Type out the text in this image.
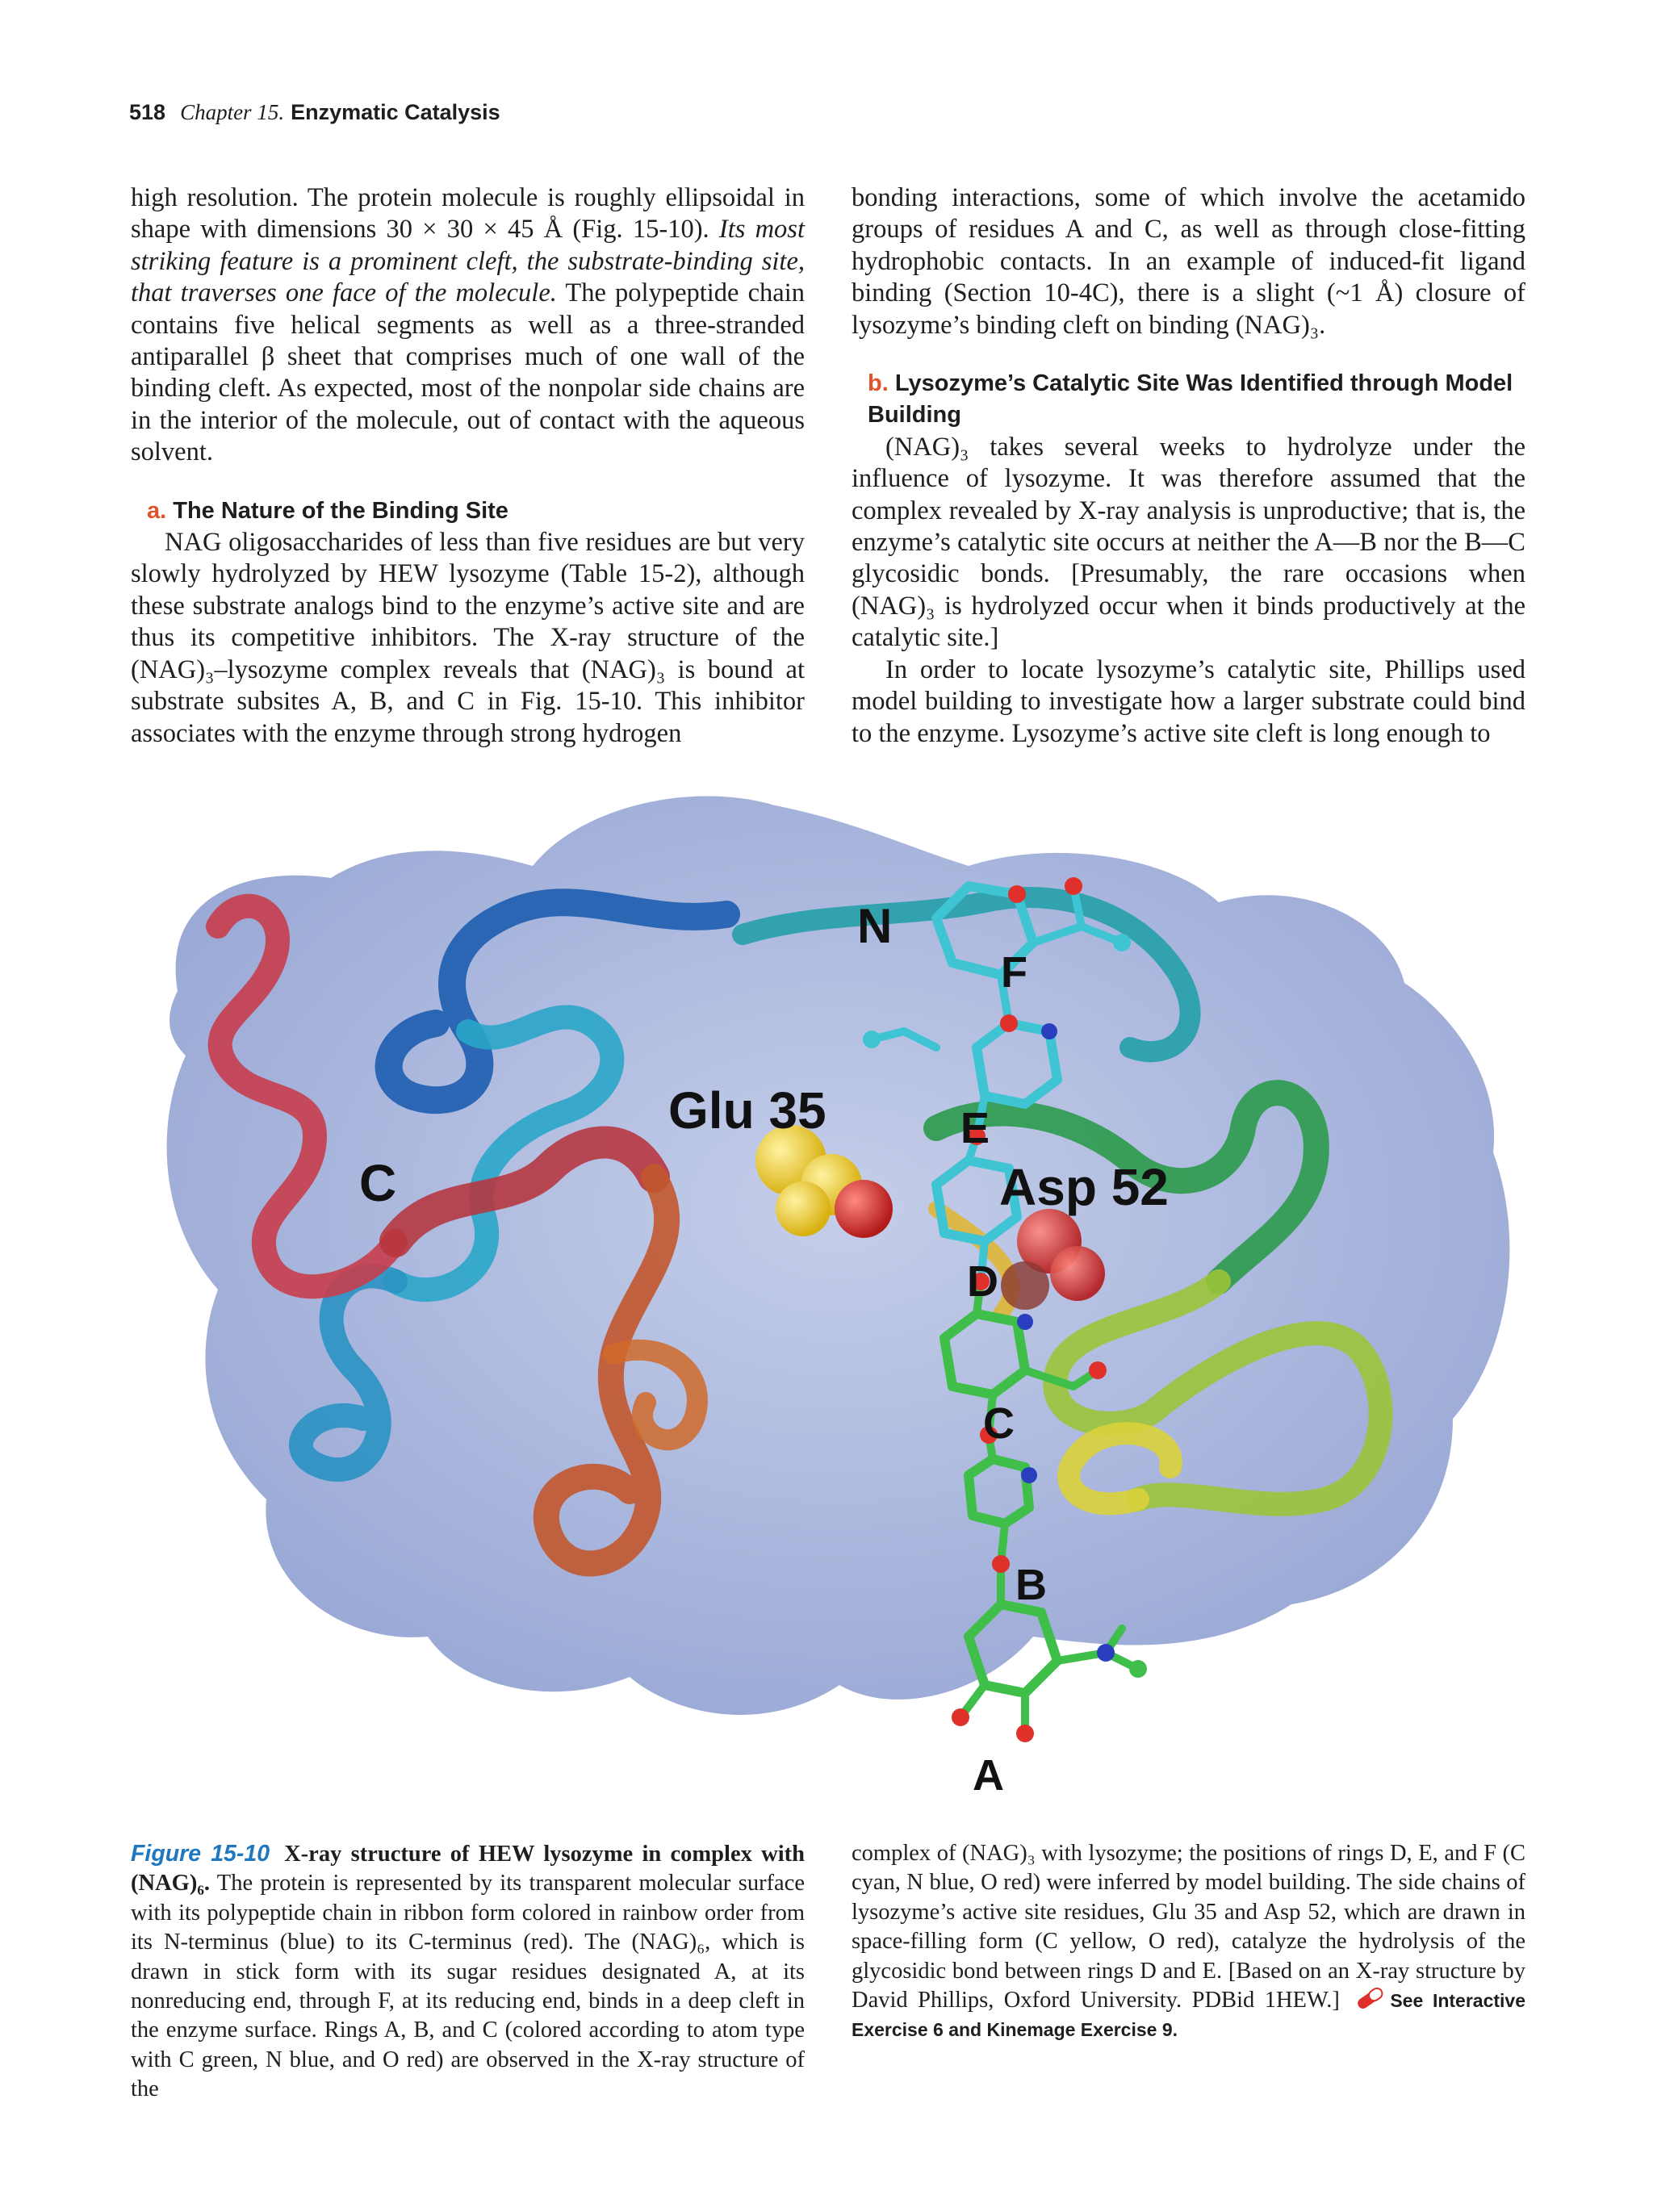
518 Chapter 15. Enzymatic Catalysis

high resolution. The protein molecule is roughly ellipsoidal in shape with dimensions 30 × 30 × 45 Å (Fig. 15-10). Its most striking feature is a prominent cleft, the substrate-binding site, that traverses one face of the molecule. The polypeptide chain contains five helical segments as well as a three-stranded antiparallel β sheet that comprises much of one wall of the binding cleft. As expected, most of the nonpolar side chains are in the interior of the molecule, out of contact with the aqueous solvent.

a. The Nature of the Binding Site

NAG oligosaccharides of less than five residues are but very slowly hydrolyzed by HEW lysozyme (Table 15-2), although these substrate analogs bind to the enzyme’s active site and are thus its competitive inhibitors. The X-ray structure of the (NAG)₃–lysozyme complex reveals that (NAG)₃ is bound at substrate subsites A, B, and C in Fig. 15-10. This inhibitor associates with the enzyme through strong hydrogen

bonding interactions, some of which involve the acetamido groups of residues A and C, as well as through close-fitting hydrophobic contacts. In an example of induced-fit ligand binding (Section 10-4C), there is a slight (~1 Å) closure of lysozyme’s binding cleft on binding (NAG)₃.

b. Lysozyme’s Catalytic Site Was Identified through Model Building

(NAG)₃ takes several weeks to hydrolyze under the influence of lysozyme. It was therefore assumed that the complex revealed by X-ray analysis is unproductive; that is, the enzyme’s catalytic site occurs at neither the A—B nor the B—C glycosidic bonds. [Presumably, the rare occasions when (NAG)₃ is hydrolyzed occur when it binds productively at the catalytic site.]

In order to locate lysozyme’s catalytic site, Phillips used model building to investigate how a larger substrate could bind to the enzyme. Lysozyme’s active site cleft is long enough to

N
C
Glu 35
Asp 52
A
B
C
D
E
F
Figure 15-10 X-ray structure of HEW lysozyme in complex with (NAG)₆. The protein is represented by its transparent molecular surface with its polypeptide chain in ribbon form colored in rainbow order from its N-terminus (blue) to its C-terminus (red). The (NAG)₆, which is drawn in stick form with its sugar residues designated A, at its nonreducing end, through F, at its reducing end, binds in a deep cleft in the enzyme surface. Rings A, B, and C (colored according to atom type with C green, N blue, and O red) are observed in the X-ray structure of the
complex of (NAG)₃ with lysozyme; the positions of rings D, E, and F (C cyan, N blue, O red) were inferred by model building. The side chains of lysozyme’s active site residues, Glu 35 and Asp 52, which are drawn in space-filling form (C yellow, O red), catalyze the hydrolysis of the glycosidic bond between rings D and E. [Based on an X-ray structure by David Phillips, Oxford University. PDBid 1HEW.]	See Interactive Exercise 6 and Kinemage Exercise 9.
